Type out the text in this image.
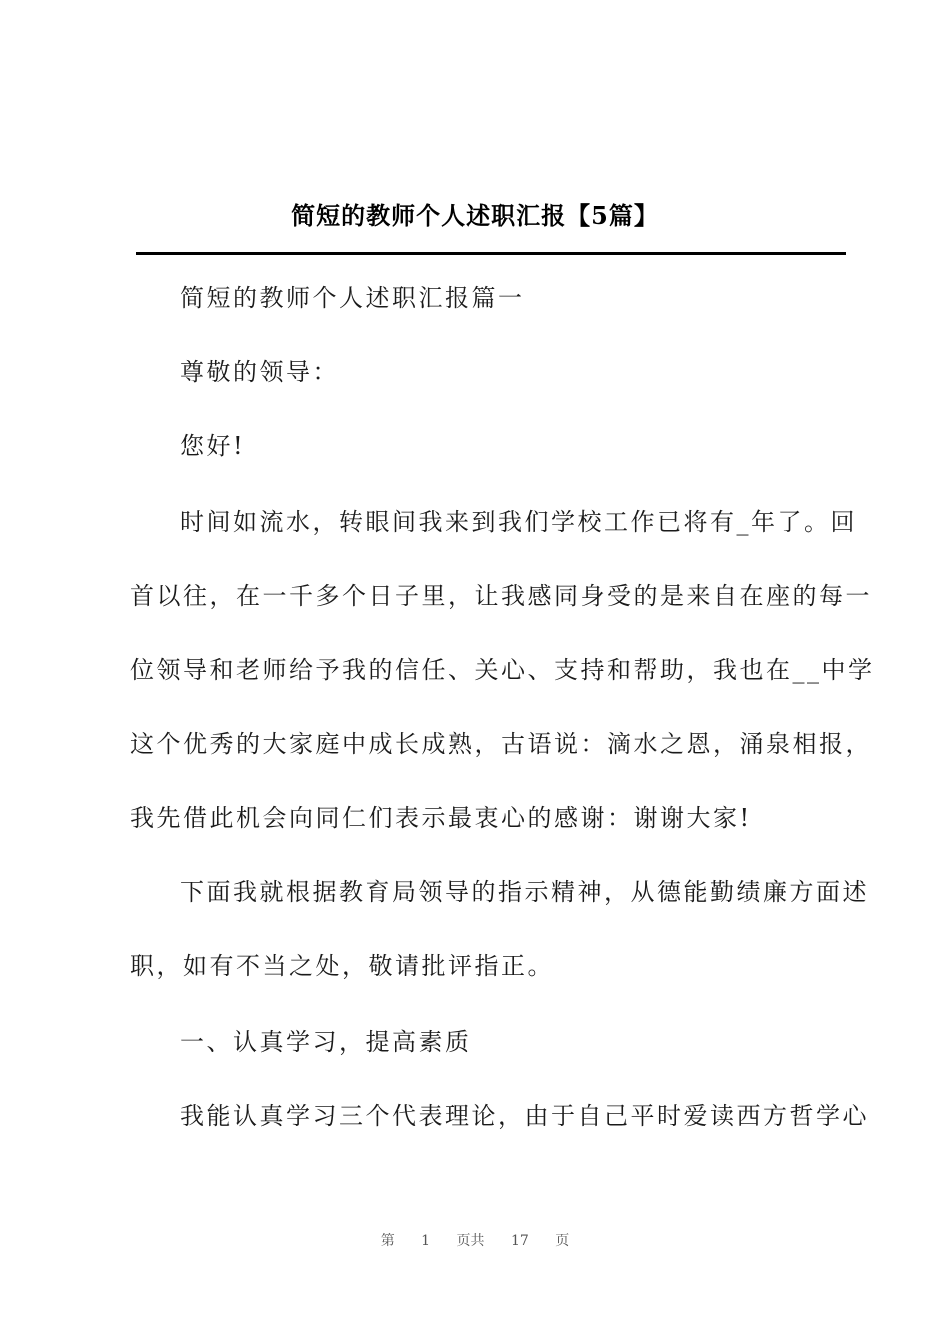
简短的教师个人述职汇报【5篇】
简短的教师个人述职汇报篇一
尊敬的领导：
您好!
时间如流水，转眼间我来到我们学校工作已将有_年了。回
首以往，在一千多个日子里，让我感同身受的是来自在座的每一
位领导和老师给予我的信任、关心、支持和帮助，我也在__中学
这个优秀的大家庭中成长成熟，古语说：滴水之恩，涌泉相报，
我先借此机会向同仁们表示最衷心的感谢：谢谢大家!
下面我就根据教育局领导的指示精神，从德能勤绩廉方面述
职，如有不当之处，敬请批评指正。
一、认真学习，提高素质
我能认真学习三个代表理论，由于自己平时爱读西方哲学心
第 1 页共 17 页
